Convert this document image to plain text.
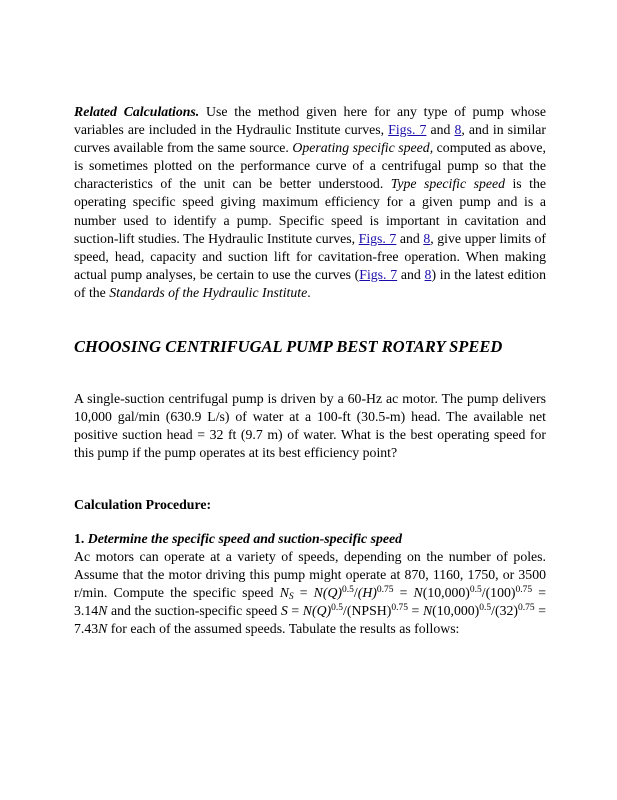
Related Calculations. Use the method given here for any type of pump whose variables are included in the Hydraulic Institute curves, Figs. 7 and 8, and in similar curves available from the same source. Operating specific speed, computed as above, is sometimes plotted on the performance curve of a centrifugal pump so that the characteristics of the unit can be better understood. Type specific speed is the operating specific speed giving maximum efficiency for a given pump and is a number used to identify a pump. Specific speed is important in cavitation and suction-lift studies. The Hydraulic Institute curves, Figs. 7 and 8, give upper limits of speed, head, capacity and suction lift for cavitation-free operation. When making actual pump analyses, be certain to use the curves (Figs. 7 and 8) in the latest edition of the Standards of the Hydraulic Institute.

CHOOSING CENTRIFUGAL PUMP BEST ROTARY SPEED

A single-suction centrifugal pump is driven by a 60-Hz ac motor. The pump delivers 10,000 gal/min (630.9 L/s) of water at a 100-ft (30.5-m) head. The available net positive suction head = 32 ft (9.7 m) of water. What is the best operating speed for this pump if the pump operates at its best efficiency point?

Calculation Procedure:

1. Determine the specific speed and suction-specific speed

Ac motors can operate at a variety of speeds, depending on the number of poles. Assume that the motor driving this pump might operate at 870, 1160, 1750, or 3500 r/min. Compute the specific speed $N_S = N(Q)^{0.5}/(H)^{0.75} = N(10,000)^{0.5}/(100)^{0.75} = 3.14N$ and the suction-specific speed $S = N(Q)^{0.5}/(NPSH)^{0.75} = N(10,000)^{0.5}/(32)^{0.75} = 7.43N$ for each of the assumed speeds. Tabulate the results as follows:
